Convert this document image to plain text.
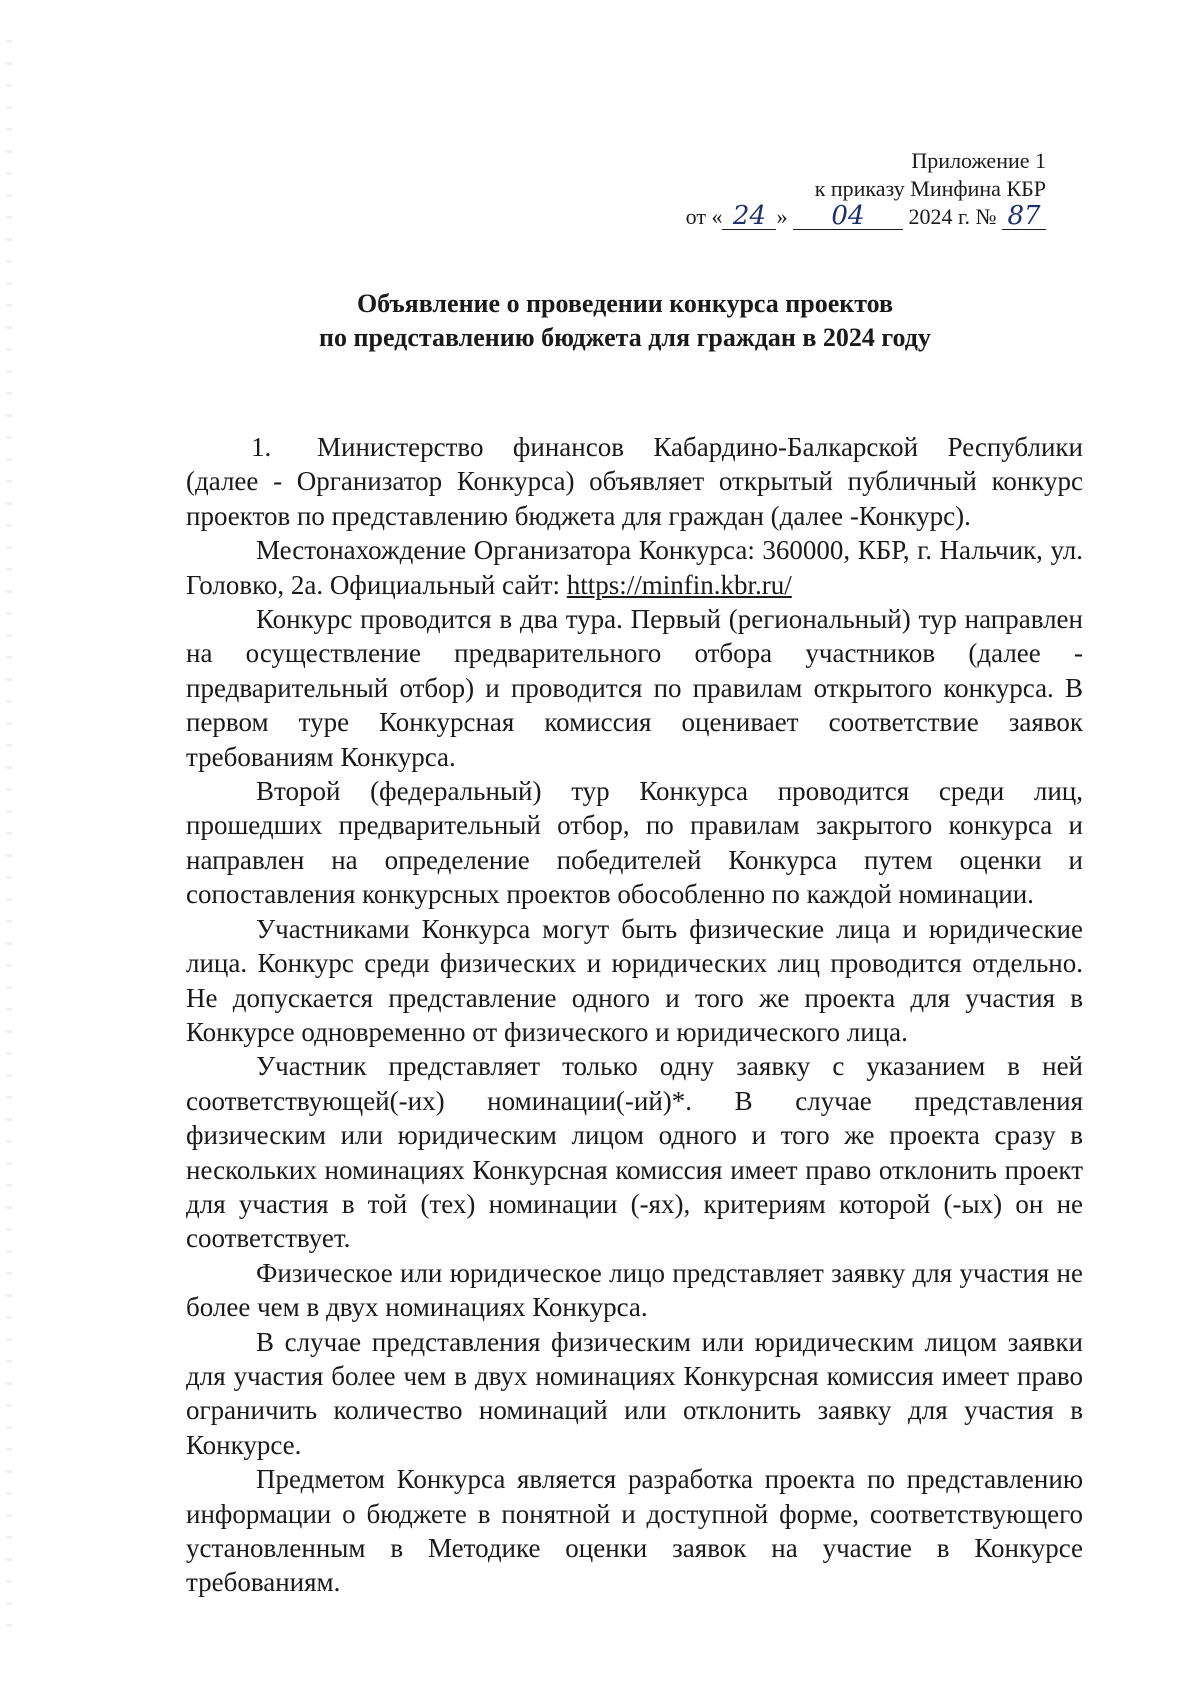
Приложение 1
к приказу Минфина КБР
от « 24 » 04 2024 г. № 87
Объявление о проведении конкурса проектов
по представлению бюджета для граждан в 2024 году

1. Министерство финансов Кабардино-Балкарской Республики (далее - Организатор Конкурса) объявляет открытый публичный конкурс проектов по представлению бюджета для граждан (далее -Конкурс).

Местонахождение Организатора Конкурса: 360000, КБР, г. Нальчик, ул. Головко, 2а. Официальный сайт: https://minfin.kbr.ru/

Конкурс проводится в два тура. Первый (региональный) тур направлен на осуществление предварительного отбора участников (далее - предварительный отбор) и проводится по правилам открытого конкурса. В первом туре Конкурсная комиссия оценивает соответствие заявок требованиям Конкурса.

Второй (федеральный) тур Конкурса проводится среди лиц, прошедших предварительный отбор, по правилам закрытого конкурса и направлен на определение победителей Конкурса путем оценки и сопоставления конкурсных проектов обособленно по каждой номинации.

Участниками Конкурса могут быть физические лица и юридические лица. Конкурс среди физических и юридических лиц проводится отдельно. Не допускается представление одного и того же проекта для участия в Конкурсе одновременно от физического и юридического лица.

Участник представляет только одну заявку с указанием в ней соответствующей(-их) номинации(-ий)*. В случае представления физическим или юридическим лицом одного и того же проекта сразу в нескольких номинациях Конкурсная комиссия имеет право отклонить проект для участия в той (тех) номинации (-ях), критериям которой (-ых) он не соответствует.

Физическое или юридическое лицо представляет заявку для участия не более чем в двух номинациях Конкурса.

В случае представления физическим или юридическим лицом заявки для участия более чем в двух номинациях Конкурсная комиссия имеет право ограничить количество номинаций или отклонить заявку для участия в Конкурсе.

Предметом Конкурса является разработка проекта по представлению информации о бюджете в понятной и доступной форме, соответствующего установленным в Методике оценки заявок на участие в Конкурсе требованиям.
